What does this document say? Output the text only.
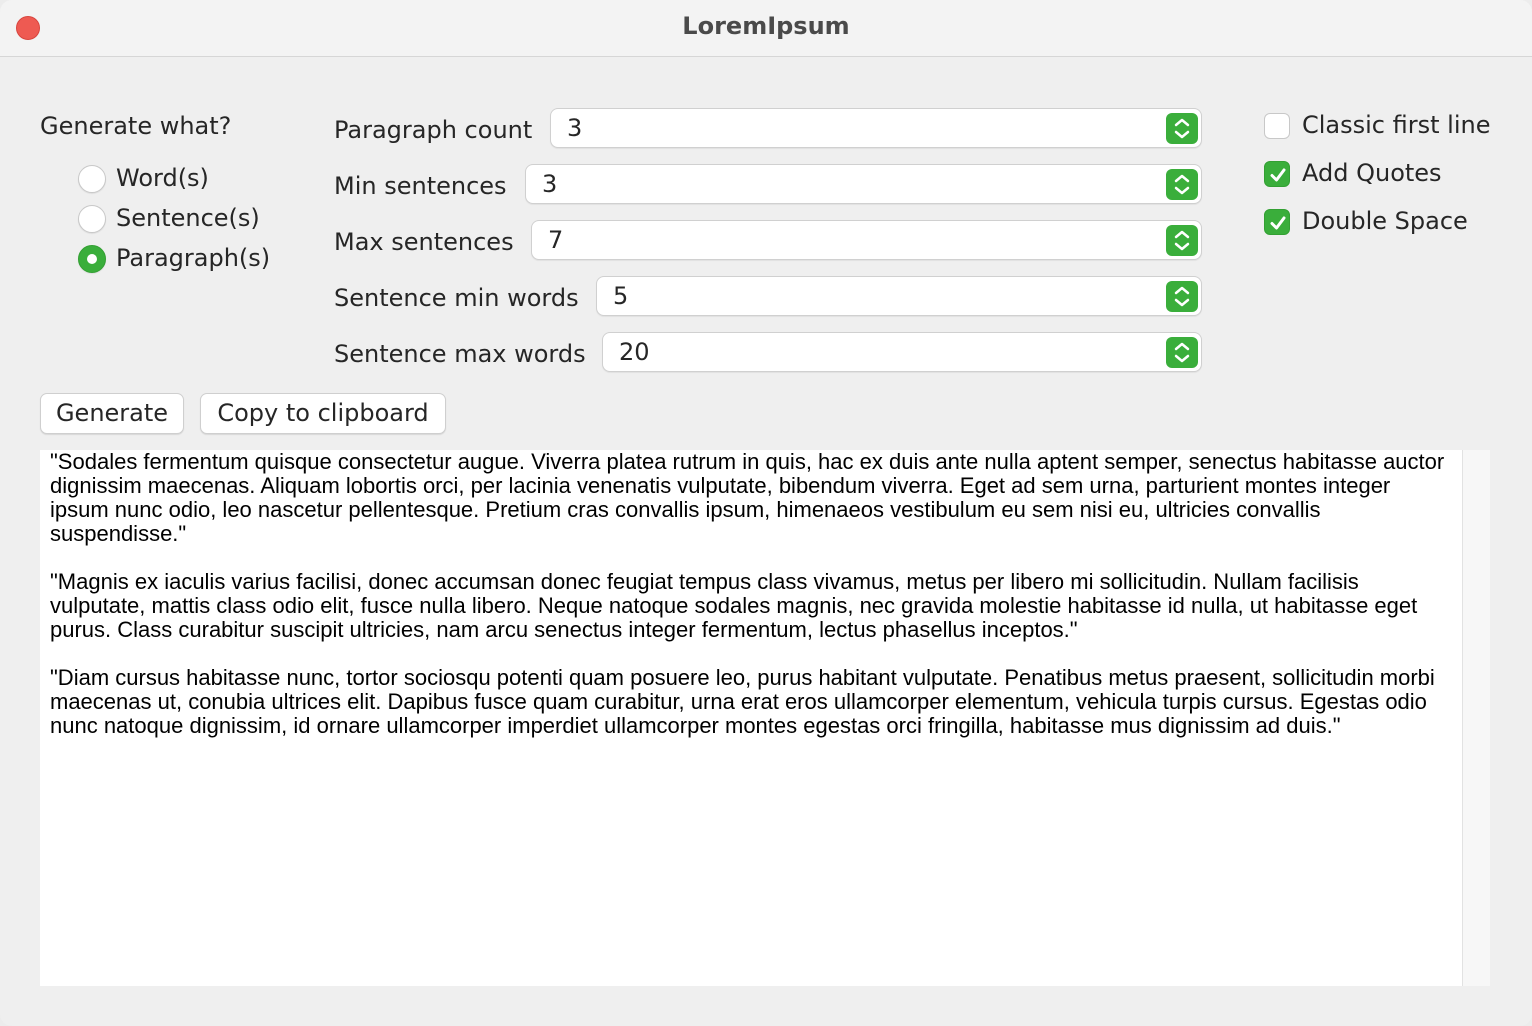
LoremIpsum
Generate what?
Word(s)
Sentence(s)
Paragraph(s)
Paragraph count 3
Min sentences 3
Max sentences 7
Sentence min words 5
Sentence max words 20
Classic first line
Add Quotes
Double Space
Generate	Copy to clipboard

"Sodales fermentum quisque consectetur augue. Viverra platea rutrum in quis, hac ex duis ante nulla aptent semper, senectus habitasse auctor dignissim maecenas. Aliquam lobortis orci, per lacinia venenatis vulputate, bibendum viverra. Eget ad sem urna, parturient montes integer ipsum nunc odio, leo nascetur pellentesque. Pretium cras convallis ipsum, himenaeos vestibulum eu sem nisi eu, ultricies convallis suspendisse."

"Magnis ex iaculis varius facilisi, donec accumsan donec feugiat tempus class vivamus, metus per libero mi sollicitudin. Nullam facilisis vulputate, mattis class odio elit, fusce nulla libero. Neque natoque sodales magnis, nec gravida molestie habitasse id nulla, ut habitasse eget purus. Class curabitur suscipit ultricies, nam arcu senectus integer fermentum, lectus phasellus inceptos."

"Diam cursus habitasse nunc, tortor sociosqu potenti quam posuere leo, purus habitant vulputate. Penatibus metus praesent, sollicitudin morbi maecenas ut, conubia ultrices elit. Dapibus fusce quam curabitur, urna erat eros ullamcorper elementum, vehicula turpis cursus. Egestas odio nunc natoque dignissim, id ornare ullamcorper imperdiet ullamcorper montes egestas orci fringilla, habitasse mus dignissim ad duis."
